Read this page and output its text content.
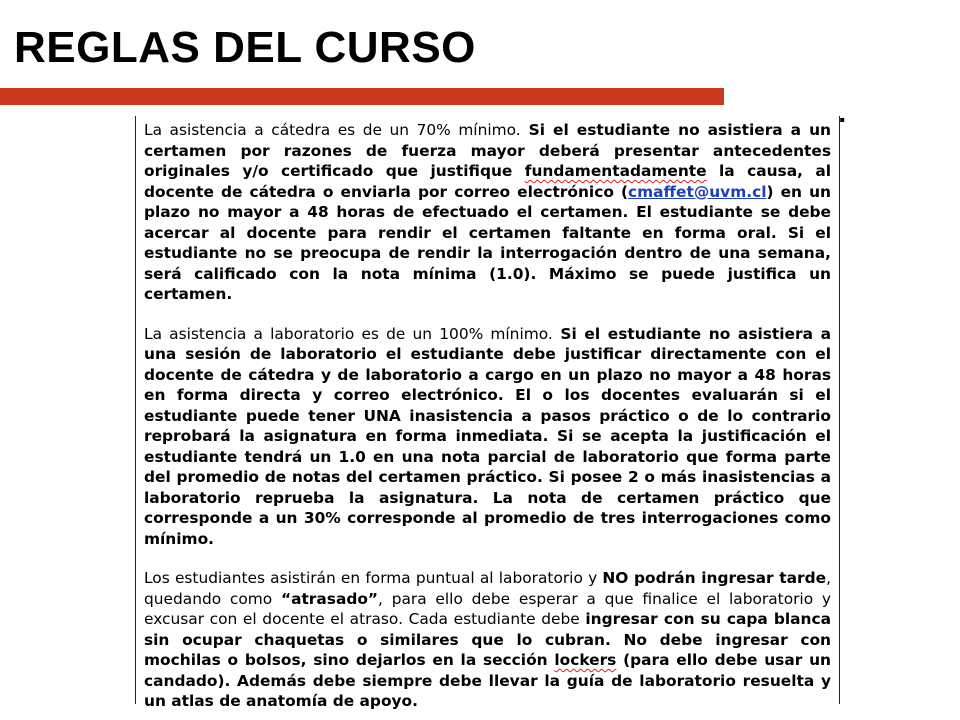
REGLAS DEL CURSO
▪

La asistencia a cátedra es de un 70% mínimo. Si el estudiante no asistiera a un certamen por razones de fuerza mayor deberá presentar antecedentes originales y/o certificado que justifique fundamentadamente la causa, al docente de cátedra o enviarla por correo electrónico (cmaffet@uvm.cl) en un plazo no mayor a 48 horas de efectuado el certamen. El estudiante se debe acercar al docente para rendir el certamen faltante en forma oral. Si el estudiante no se preocupa de rendir la interrogación dentro de una semana, será calificado con la nota mínima (1.0). Máximo se puede justifica un certamen.

La asistencia a laboratorio es de un 100% mínimo. Si el estudiante no asistiera a una sesión de laboratorio el estudiante debe justificar directamente con el docente de cátedra y de laboratorio a cargo en un plazo no mayor a 48 horas en forma directa y correo electrónico. El o los docentes evaluarán si el estudiante puede tener UNA inasistencia a pasos práctico o de lo contrario reprobará la asignatura en forma inmediata. Si se acepta la justificación el estudiante tendrá un 1.0 en una nota parcial de laboratorio que forma parte del promedio de notas del certamen práctico. Si posee 2 o más inasistencias a laboratorio reprueba la asignatura. La nota de certamen práctico que corresponde a un 30% corresponde al promedio de tres interrogaciones como mínimo.

Los estudiantes asistirán en forma puntual al laboratorio y NO podrán ingresar tarde, quedando como “atrasado”, para ello debe esperar a que finalice el laboratorio y excusar con el docente el atraso. Cada estudiante debe ingresar con su capa blanca sin ocupar chaquetas o similares que lo cubran. No debe ingresar con mochilas o bolsos, sino dejarlos en la sección lockers (para ello debe usar un candado). Además debe siempre debe llevar la guía de laboratorio resuelta y un atlas de anatomía de apoyo.
